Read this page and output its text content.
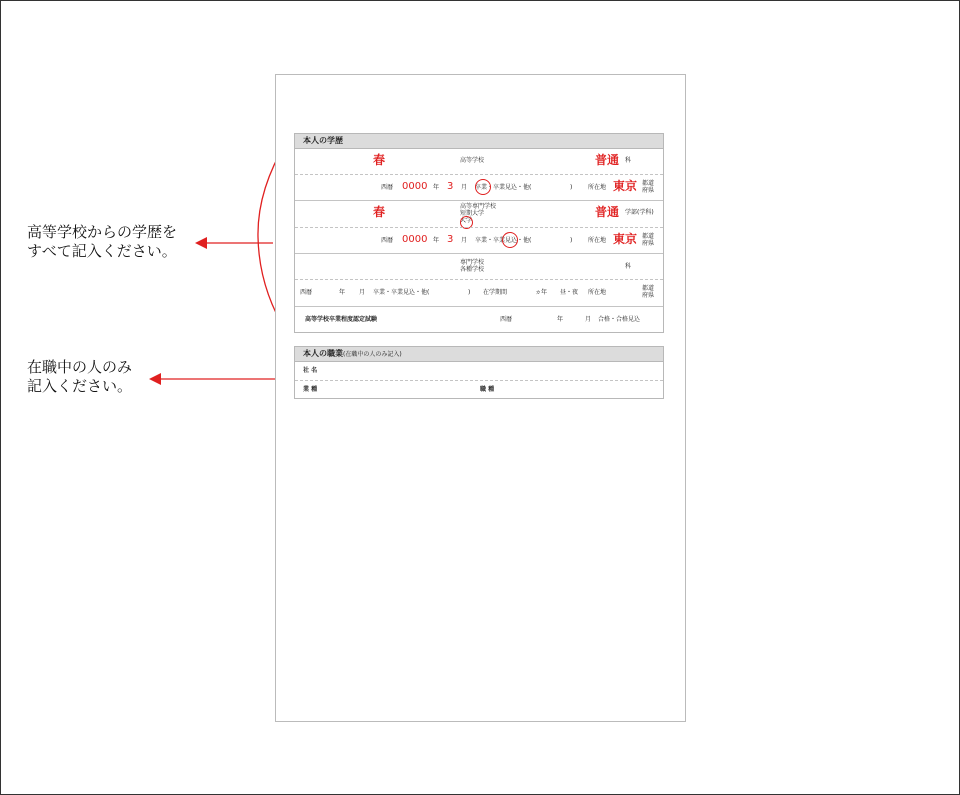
高等学校からの学歴を
すべて記入ください。
在職中の人のみ
記入ください。
本人の学歴
春	高等学校	普通 科
西暦 0000 年 3 月 卒業・卒業見込・他(	)	所在地 東京 都道
府県
春	高等専門学校
短期大学
大学
普通 学部(学科)
西暦 0000 年 3 月 卒業・卒業見込・他(	)	所在地 東京 都道
府県
専門学校
各種学校	科
西暦	年 月 卒業・卒業見込・他(	) 在学期間	ヵ年 昼・夜 所在地
都道
府県
高等学校卒業程度認定試験	西暦	年	月 合格・合格見込
本人の職業(在職中の人のみ記入)
社 名
業 種	職 種
